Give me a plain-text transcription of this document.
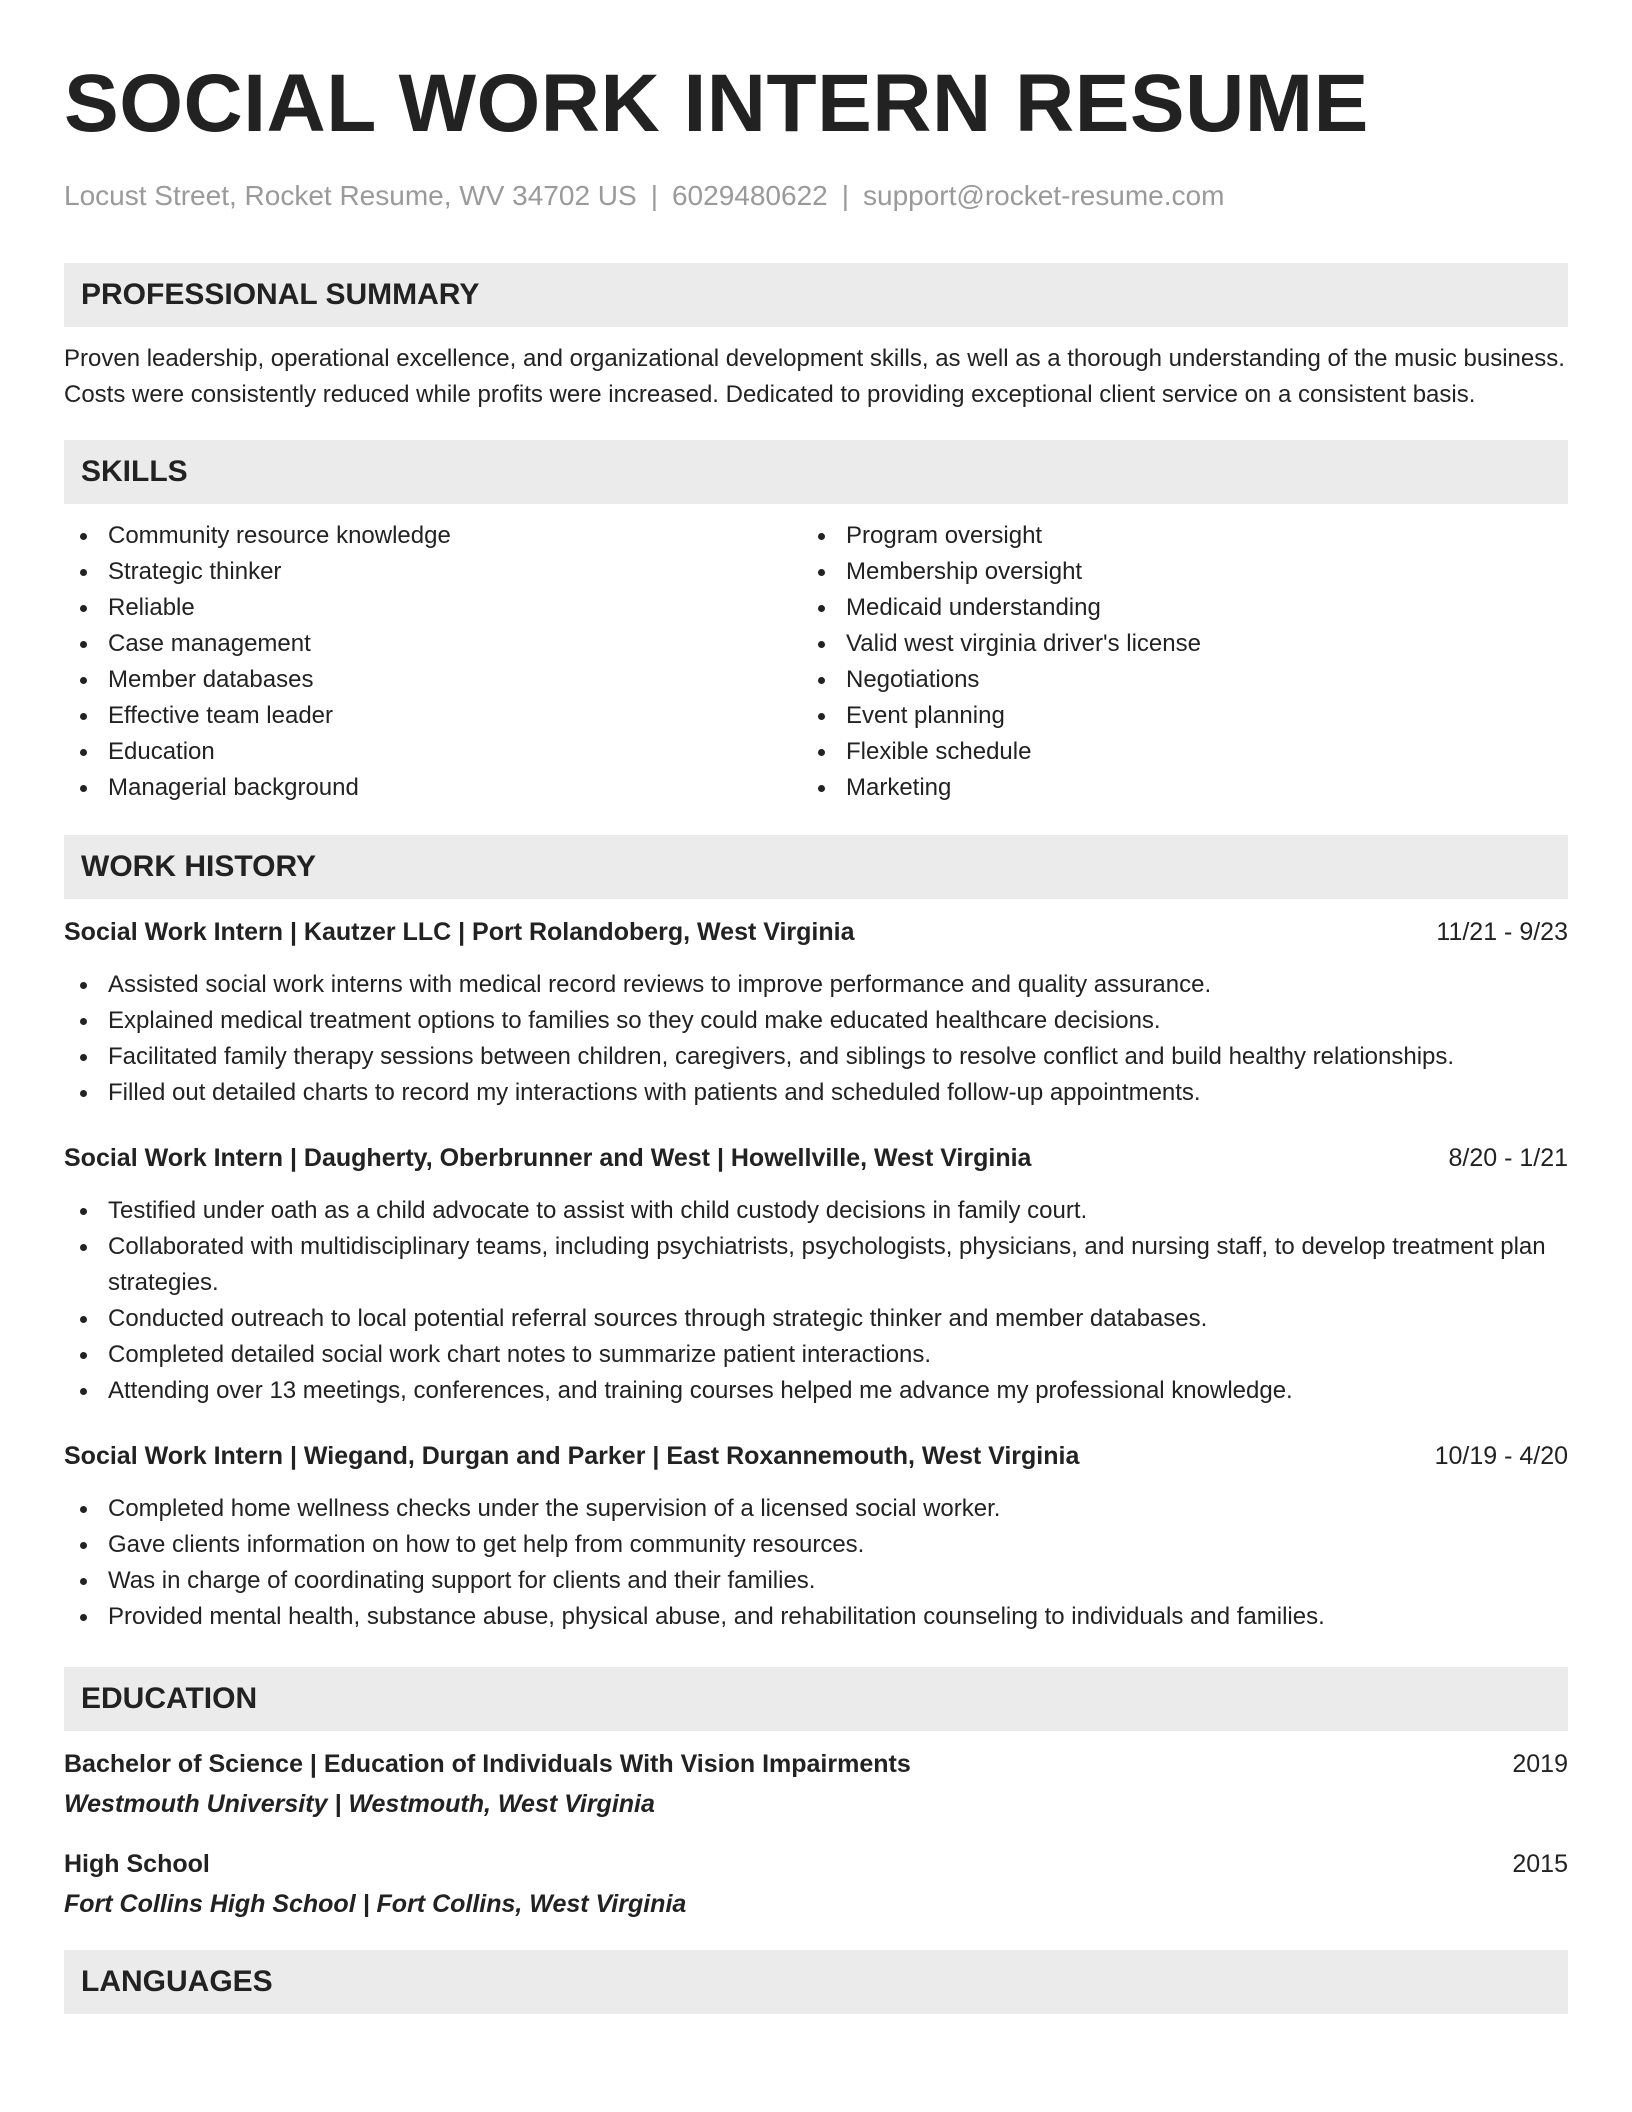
SOCIAL WORK INTERN RESUME
Locust Street, Rocket Resume, WV 34702 US | 6029480622 | support@rocket-resume.com
PROFESSIONAL SUMMARY

Proven leadership, operational excellence, and organizational development skills, as well as a thorough understanding of the music business. Costs were consistently reduced while profits were increased. Dedicated to providing exceptional client service on a consistent basis.

SKILLS
Community resource knowledge
Strategic thinker
Reliable
Case management
Member databases
Effective team leader
Education
Managerial background
Program oversight
Membership oversight
Medicaid understanding
Valid west virginia driver's license
Negotiations
Event planning
Flexible schedule
Marketing
WORK HISTORY
Social Work Intern | Kautzer LLC | Port Rolandoberg, West Virginia	11/21 - 9/23
Assisted social work interns with medical record reviews to improve performance and quality assurance.
Explained medical treatment options to families so they could make educated healthcare decisions.
Facilitated family therapy sessions between children, caregivers, and siblings to resolve conflict and build healthy relationships.
Filled out detailed charts to record my interactions with patients and scheduled follow-up appointments.
Social Work Intern | Daugherty, Oberbrunner and West | Howellville, West Virginia	8/20 - 1/21
Testified under oath as a child advocate to assist with child custody decisions in family court.
Collaborated with multidisciplinary teams, including psychiatrists, psychologists, physicians, and nursing staff, to develop treatment plan strategies.
Conducted outreach to local potential referral sources through strategic thinker and member databases.
Completed detailed social work chart notes to summarize patient interactions.
Attending over 13 meetings, conferences, and training courses helped me advance my professional knowledge.
Social Work Intern | Wiegand, Durgan and Parker | East Roxannemouth, West Virginia	10/19 - 4/20
Completed home wellness checks under the supervision of a licensed social worker.
Gave clients information on how to get help from community resources.
Was in charge of coordinating support for clients and their families.
Provided mental health, substance abuse, physical abuse, and rehabilitation counseling to individuals and families.
EDUCATION
Bachelor of Science | Education of Individuals With Vision Impairments	2019
Westmouth University | Westmouth, West Virginia
High School	2015
Fort Collins High School | Fort Collins, West Virginia
LANGUAGES
